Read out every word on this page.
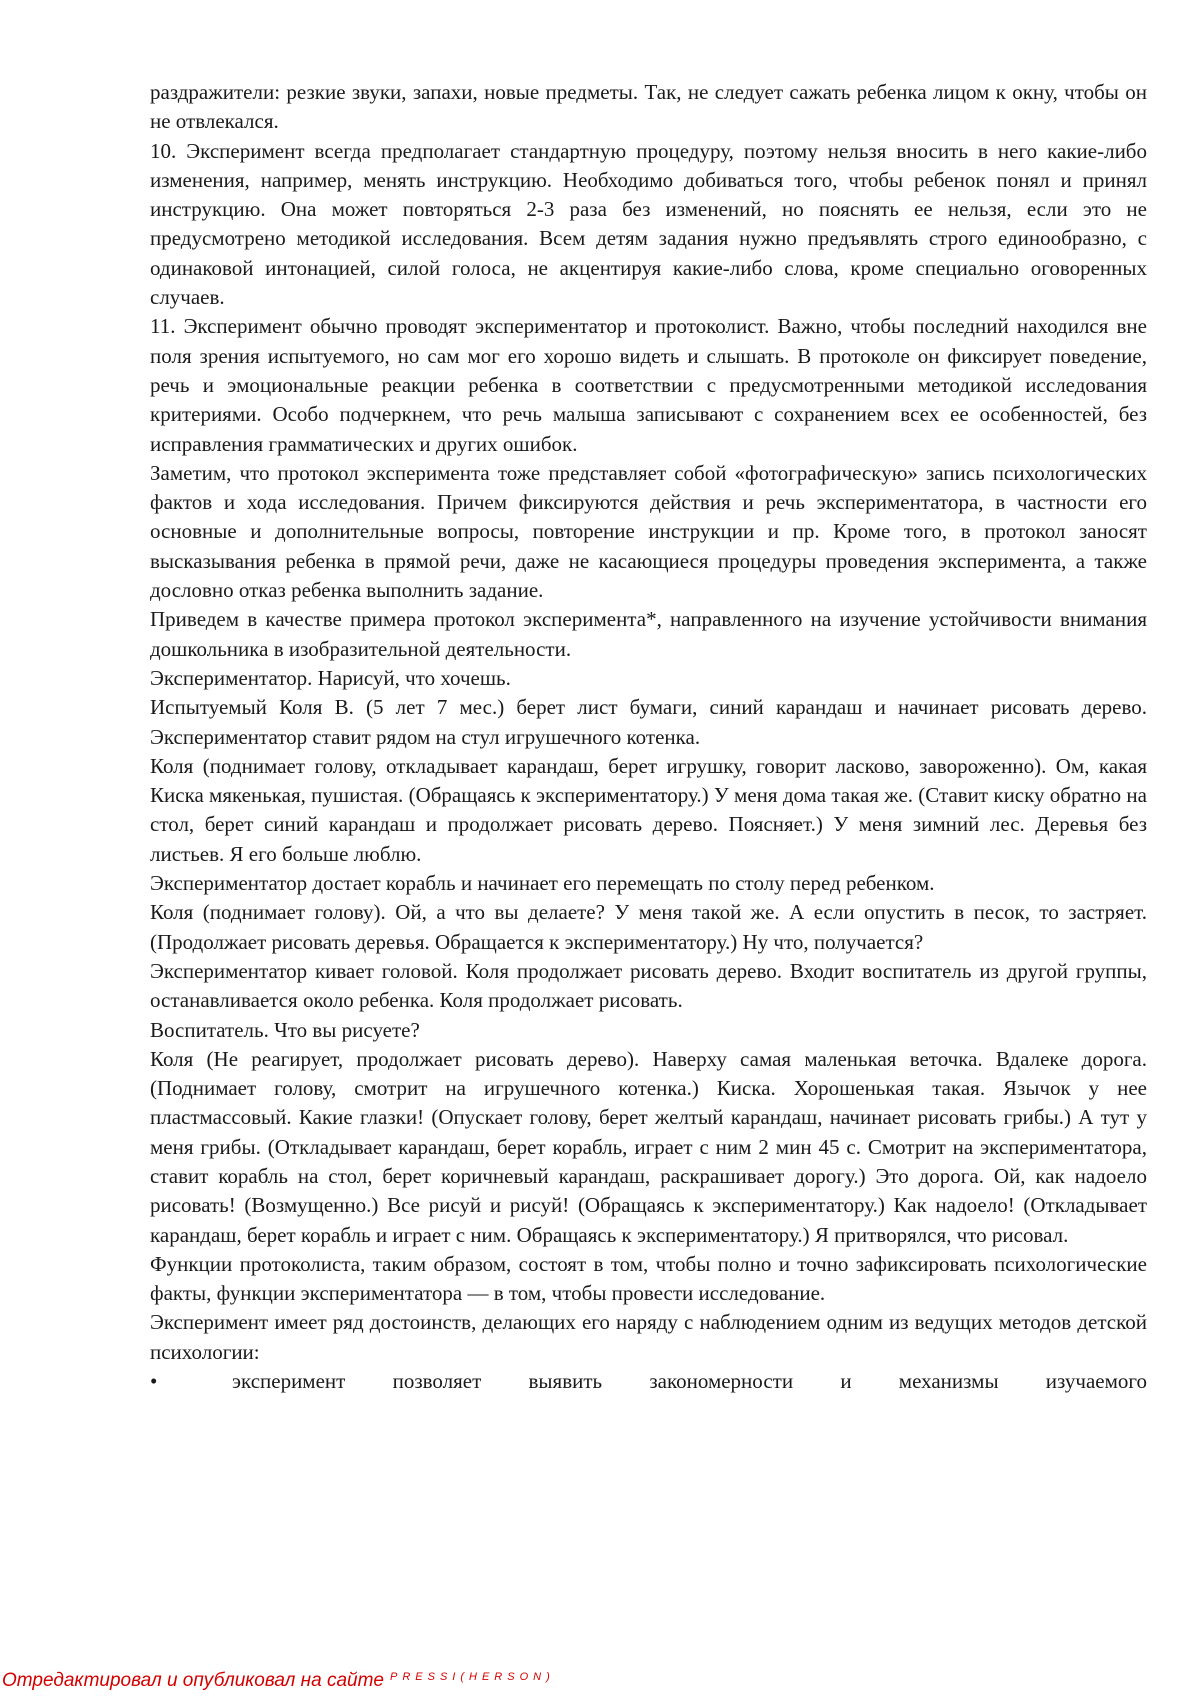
раздражители: резкие звуки, запахи, новые предметы. Так, не следует сажать ребенка лицом к окну, чтобы он не отвлекался.

10. Эксперимент всегда предполагает стандартную процедуру, поэтому нельзя вносить в него какие-либо изменения, например, менять инструкцию. Необходимо добиваться того, чтобы ребенок понял и принял инструкцию. Она может повторяться 2-3 раза без изменений, но пояснять ее нельзя, если это не предусмотрено методикой исследования. Всем детям задания нужно предъявлять строго единообразно, с одинаковой интонацией, силой голоса, не акцентируя какие-либо слова, кроме специально оговоренных случаев.

11. Эксперимент обычно проводят экспериментатор и протоколист. Важно, чтобы последний находился вне поля зрения испытуемого, но сам мог его хорошо видеть и слышать. В протоколе он фиксирует поведение, речь и эмоциональные реакции ребенка в соответствии с предусмотренными методикой исследования критериями. Особо подчеркнем, что речь малыша записывают с сохранением всех ее особенностей, без исправления грамматических и других ошибок.

Заметим, что протокол эксперимента тоже представляет собой «фотографическую» запись психологических фактов и хода исследования. Причем фиксируются действия и речь экспериментатора, в частности его основные и дополнительные вопросы, повторение инструкции и пр. Кроме того, в протокол заносят высказывания ребенка в прямой речи, даже не касающиеся процедуры проведения эксперимента, а также дословно отказ ребенка выполнить задание.

Приведем в качестве примера протокол эксперимента*, направленного на изучение устойчивости внимания дошкольника в изобразительной деятельности.

Экспериментатор. Нарисуй, что хочешь.

Испытуемый Коля В. (5 лет 7 мес.) берет лист бумаги, синий карандаш и начинает рисовать дерево. Экспериментатор ставит рядом на стул игрушечного котенка.

Коля (поднимает голову, откладывает карандаш, берет игрушку, говорит ласково, завороженно). Ом, какая Киска мякенькая, пушистая. (Обращаясь к экспериментатору.) У меня дома такая же. (Ставит киску обратно на стол, берет синий карандаш и продолжает рисовать дерево. Поясняет.) У меня зимний лес. Деревья без листьев. Я его больше люблю.

Экспериментатор достает корабль и начинает его перемещать по столу перед ребенком.

Коля (поднимает голову). Ой, а что вы делаете? У меня такой же. А если опустить в песок, то застряет. (Продолжает рисовать деревья. Обращается к экспериментатору.) Ну что, получается?

Экспериментатор кивает головой. Коля продолжает рисовать дерево. Входит воспитатель из другой группы, останавливается около ребенка. Коля продолжает рисовать.

Воспитатель. Что вы рисуете?

Коля (Не реагирует, продолжает рисовать дерево). Наверху самая маленькая веточка. Вдалеке дорога. (Поднимает голову, смотрит на игрушечного котенка.) Киска. Хорошенькая такая. Язычок у нее пластмассовый. Какие глазки! (Опускает голову, берет желтый карандаш, начинает рисовать грибы.) А тут у меня грибы. (Откладывает карандаш, берет корабль, играет с ним 2 мин 45 с. Смотрит на экспериментатора, ставит корабль на стол, берет коричневый карандаш, раскрашивает дорогу.) Это дорога. Ой, как надоело рисовать! (Возмущенно.) Все рисуй и рисуй! (Обращаясь к экспериментатору.) Как надоело! (Откладывает карандаш, берет корабль и играет с ним. Обращаясь к экспериментатору.) Я притворялся, что рисовал.

Функции протоколиста, таким образом, состоят в том, чтобы полно и точно зафиксировать психологические факты, функции экспериментатора — в том, чтобы провести исследование.

Эксперимент имеет ряд достоинств, делающих его наряду с наблюдением одним из ведущих методов детской психологии:

•	эксперимент позволяет выявить закономерности и механизмы изучаемого
Отредактировал и опубликовал на сайте $^{PRESSI(HERSON)}$
